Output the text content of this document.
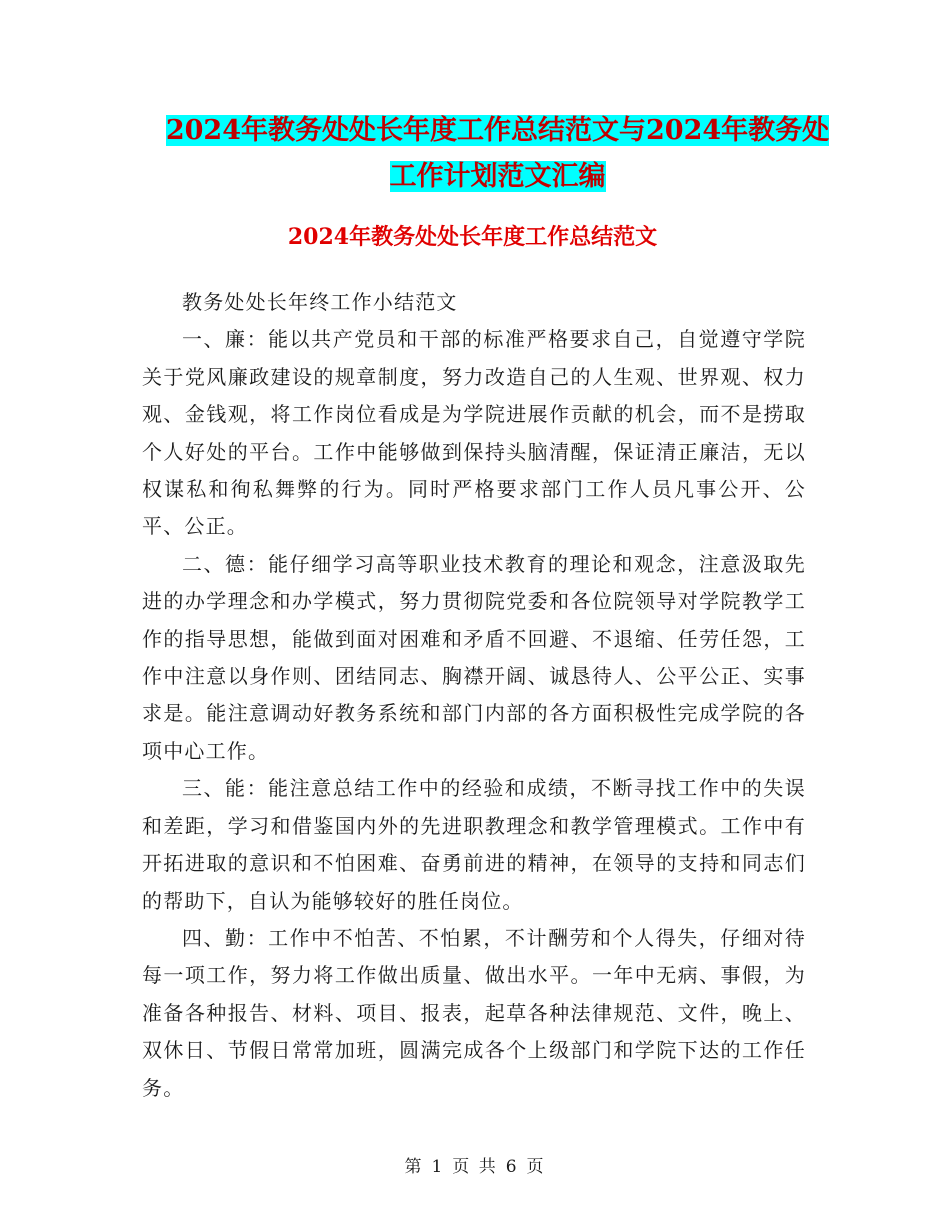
2024年教务处处长年度工作总结范文与2024年教务处
工作计划范文汇编
2024年教务处处长年度工作总结范文

教务处处长年终工作小结范文

一、廉：能以共产党员和干部的标准严格要求自己，自觉遵守学院关于党风廉政建设的规章制度，努力改造自己的人生观、世界观、权力观、金钱观，将工作岗位看成是为学院进展作贡献的机会，而不是捞取个人好处的平台。工作中能够做到保持头脑清醒，保证清正廉洁，无以权谋私和徇私舞弊的行为。同时严格要求部门工作人员凡事公开、公平、公正。

二、德：能仔细学习高等职业技术教育的理论和观念，注意汲取先进的办学理念和办学模式，努力贯彻院党委和各位院领导对学院教学工作的指导思想，能做到面对困难和矛盾不回避、不退缩、任劳任怨，工作中注意以身作则、团结同志、胸襟开阔、诚恳待人、公平公正、实事求是。能注意调动好教务系统和部门内部的各方面积极性完成学院的各项中心工作。

三、能：能注意总结工作中的经验和成绩，不断寻找工作中的失误和差距，学习和借鉴国内外的先进职教理念和教学管理模式。工作中有开拓进取的意识和不怕困难、奋勇前进的精神，在领导的支持和同志们的帮助下，自认为能够较好的胜任岗位。

四、勤：工作中不怕苦、不怕累，不计酬劳和个人得失，仔细对待每一项工作，努力将工作做出质量、做出水平。一年中无病、事假，为准备各种报告、材料、项目、报表，起草各种法律规范、文件，晚上、双休日、节假日常常加班，圆满完成各个上级部门和学院下达的工作任务。

第 1 页 共 6 页
